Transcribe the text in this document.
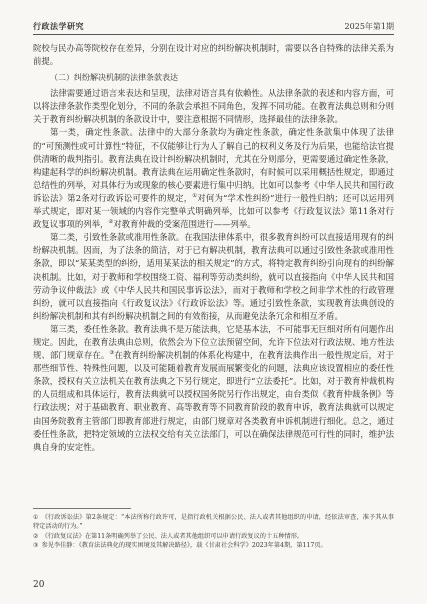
行政法学研究	2025年第1期

院校与民办高等院校存在差异，分别在设计对应的纠纷解决机制时，需要以各自特殊的法律关系为前提。

（二）纠纷解决机制的法律条款表达

法律需要通过语言来表达和呈现，法律对语言具有依赖性。从法律条款的表述和内容方面，可以将法律条款作类型化划分，不同的条款会承担不同角色，发挥不同功能。在教育法典总则和分则关于教育纠纷解决机制的条款设计中，要注意根据不同情形，选择最佳的法律条款。

第一类，确定性条款。法律中的大部分条款均为确定性条款，确定性条款集中体现了法律的“可预测性或可计算性”特征，不仅能够让行为人了解自己的权利义务及行为后果，也能给法官提供清晰的裁判指引。教育法典在设计纠纷解决机制时，尤其在分则部分，更需要通过确定性条款，构建起科学的纠纷解决机制。教育法典在运用确定性条款时，有时候可以采用概括性规定，即通过总结性的列举，对具体行为或现象的核心要素进行集中归纳。比如可以参考《中华人民共和国行政诉讼法》第2条对行政诉讼可要件的规定，①对何为“学术性纠纷”进行一般性归纳；还可以运用列举式规定，即对某一领域的内容作完整单式明确列举，比如可以参考《行政复议法》第11条对行政复议事项的列举，②对教育仲裁的受案范围进行——列举。

第二类，引致性条款或准用性条款。在我国法律体系中，很多教育纠纷可以直接适用现有的纠纷解决机制。因而，为了法条的简洁，对于已有解决机制，教育法典可以通过引致性条款或准用性条款，即以“某某类型的纠纷，适用某某法的相关规定”的方式，将特定教育纠纷引向现有的纠纷解决机制。比如，对于教师和学校围绕工资、福利等劳动类纠纷，就可以直接指向《中华人民共和国劳动争议仲裁法》或《中华人民共和国民事诉讼法》，而对于教师和学校之间非学术性的行政管理纠纷，就可以直接指向《行政复议法》《行政诉讼法》等。通过引致性条款，实现教育法典创设的纠纷解决机制和其有纠纷解决机制之间的有效衔接，从而避免法条冗余和相互矛盾。

第三类，委任性条款。教育法典不是万能法典，它是基本法，不可能事无巨细对所有问题作出规定。因此，在教育法典由总则，依然会为下位立法预留空间，允许下位法对行政法规、地方性法规、部门规章存在。③在教育纠纷解决机制的体系化构建中，在教育法典作出一般性规定后，对于那些细节性、特殊性问题，以及可能随着教育发展而展繁变化的问题，法典应该设置相应的委任性条款，授权有关立法机关在教育法典之下另行规定，即进行“立法委托”。比如，对于教育仲裁机构的人员组成和具体运行，教育法典就可以授权国务院另行作出规定，由台类似《教育仲裁条例》等行政法规；对于基础教育、职业教育、高等教育等不同教育阶段的教育申诉，教育法典就可以规定由国务院教育主管部门即教育部进行规定，由部门规章对各类教育申诉机制进行细化。总之，通过委任性条款，把特定领域的立法权交给有关立法部门，可以在确保法律规范可行性的同时，维护法典自身的安定性。

① 《行政诉讼法》第2条规定：“本法所称行政许可，是指行政机关根据公民、法人或者其他组织的申请，经依法审查，准予其从事特定活动的行为。”

② 《行政复议法》在第11条明确列举了公民、法人或者其他组织可以申请行政复议的十五种情形。

③ 参见李佳静：《教育法法典化的现实困境及其解决路径》，载《甘肃社会科学》2023年第4期，第117页。

20
